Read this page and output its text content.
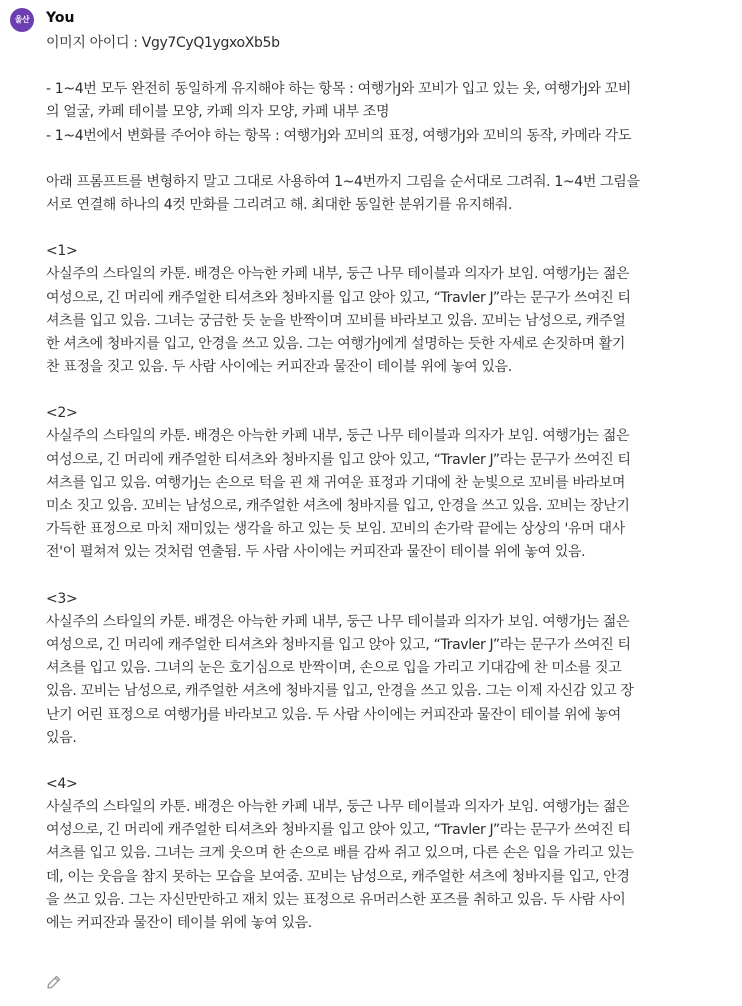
울산	You
이미지 아이디 : Vgy7CyQ1ygxoXb5b
- 1~4번 모두 완전히 동일하게 유지해야 하는 항목 : 여행가J와 꼬비가 입고 있는 옷, 여행가J와 꼬비
의 얼굴, 카페 테이블 모양, 카페 의자 모양, 카페 내부 조명
- 1~4번에서 변화를 주어야 하는 항목 : 여행가J와 꼬비의 표정, 여행가J와 꼬비의 동작, 카메라 각도
아래 프롬프트를 변형하지 말고 그대로 사용하여 1~4번까지 그림을 순서대로 그려줘. 1~4번 그림을
서로 연결해 하나의 4컷 만화를 그리려고 해. 최대한 동일한 분위기를 유지해줘.
<1>
사실주의 스타일의 카툰. 배경은 아늑한 카페 내부, 둥근 나무 테이블과 의자가 보임. 여행가J는 젊은
여성으로, 긴 머리에 캐주얼한 티셔츠와 청바지를 입고 앉아 있고, “Travler J”라는 문구가 쓰여진 티
셔츠를 입고 있음. 그녀는 궁금한 듯 눈을 반짝이며 꼬비를 바라보고 있음. 꼬비는 남성으로, 캐주얼
한 셔츠에 청바지를 입고, 안경을 쓰고 있음. 그는 여행가J에게 설명하는 듯한 자세로 손짓하며 활기
찬 표정을 짓고 있음. 두 사람 사이에는 커피잔과 물잔이 테이블 위에 놓여 있음.
<2>
사실주의 스타일의 카툰. 배경은 아늑한 카페 내부, 둥근 나무 테이블과 의자가 보임. 여행가J는 젊은
여성으로, 긴 머리에 캐주얼한 티셔츠와 청바지를 입고 앉아 있고, “Travler J”라는 문구가 쓰여진 티
셔츠를 입고 있음. 여행가J는 손으로 턱을 괸 채 귀여운 표정과 기대에 찬 눈빛으로 꼬비를 바라보며
미소 짓고 있음. 꼬비는 남성으로, 캐주얼한 셔츠에 청바지를 입고, 안경을 쓰고 있음. 꼬비는 장난기
가득한 표정으로 마치 재미있는 생각을 하고 있는 듯 보임. 꼬비의 손가락 끝에는 상상의 '유머 대사
전'이 펼쳐져 있는 것처럼 연출됨. 두 사람 사이에는 커피잔과 물잔이 테이블 위에 놓여 있음.
<3>
사실주의 스타일의 카툰. 배경은 아늑한 카페 내부, 둥근 나무 테이블과 의자가 보임. 여행가J는 젊은
여성으로, 긴 머리에 캐주얼한 티셔츠와 청바지를 입고 앉아 있고, “Travler J”라는 문구가 쓰여진 티
셔츠를 입고 있음. 그녀의 눈은 호기심으로 반짝이며, 손으로 입을 가리고 기대감에 찬 미소를 짓고
있음. 꼬비는 남성으로, 캐주얼한 셔츠에 청바지를 입고, 안경을 쓰고 있음. 그는 이제 자신감 있고 장
난기 어린 표정으로 여행가J를 바라보고 있음. 두 사람 사이에는 커피잔과 물잔이 테이블 위에 놓여
있음.
<4>
사실주의 스타일의 카툰. 배경은 아늑한 카페 내부, 둥근 나무 테이블과 의자가 보임. 여행가J는 젊은
여성으로, 긴 머리에 캐주얼한 티셔츠와 청바지를 입고 앉아 있고, “Travler J”라는 문구가 쓰여진 티
셔츠를 입고 있음. 그녀는 크게 웃으며 한 손으로 배를 감싸 쥐고 있으며, 다른 손은 입을 가리고 있는
데, 이는 웃음을 참지 못하는 모습을 보여줌. 꼬비는 남성으로, 캐주얼한 셔츠에 청바지를 입고, 안경
을 쓰고 있음. 그는 자신만만하고 재치 있는 표정으로 유머러스한 포즈를 취하고 있음. 두 사람 사이
에는 커피잔과 물잔이 테이블 위에 놓여 있음.
